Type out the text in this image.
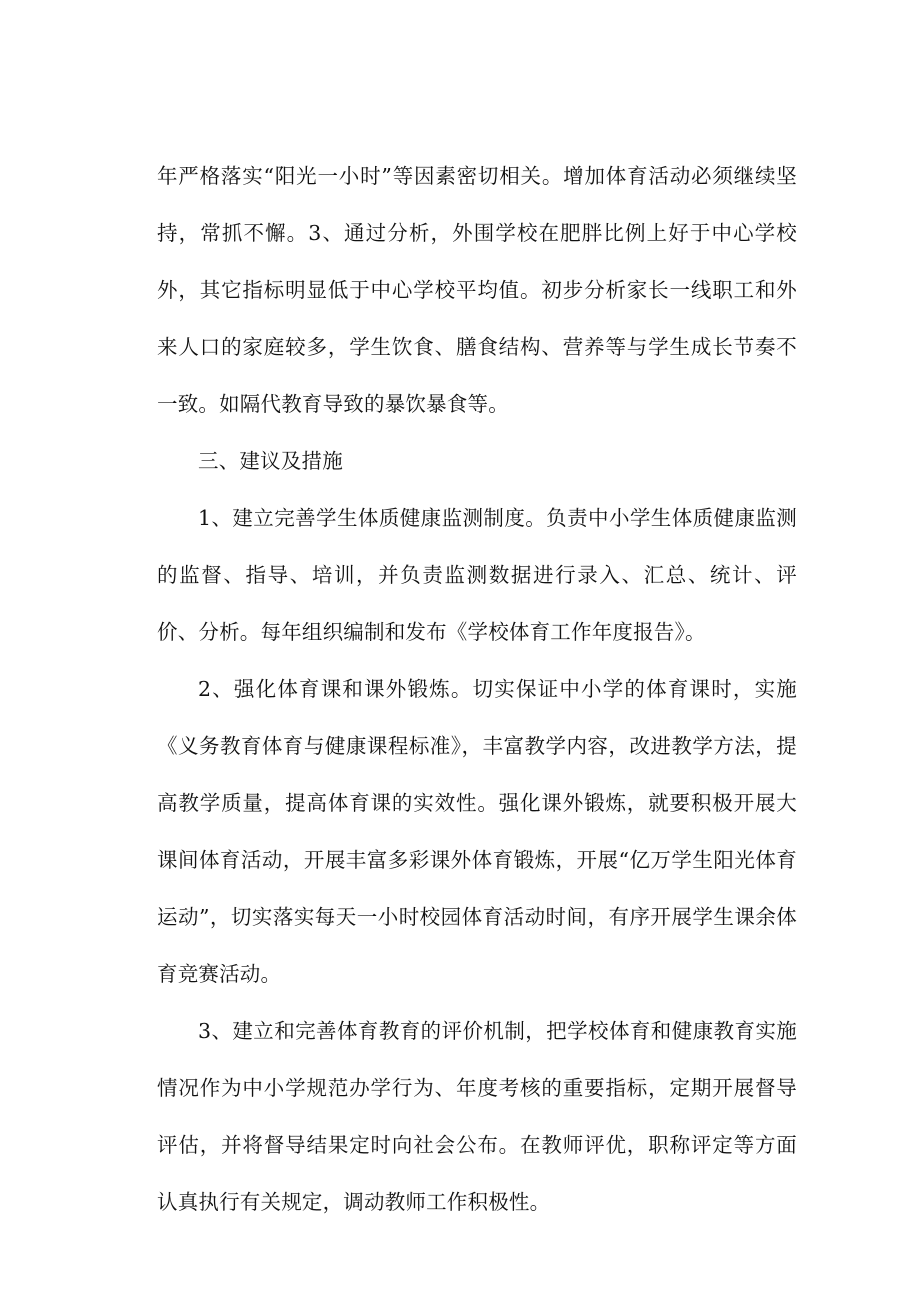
年严格落实“阳光一小时”等因素密切相关。增加体育活动必须继续坚持，常抓不懈。3、通过分析，外围学校在肥胖比例上好于中心学校外，其它指标明显低于中心学校平均值。初步分析家长一线职工和外来人口的家庭较多，学生饮食、膳食结构、营养等与学生成长节奏不一致。如隔代教育导致的暴饮暴食等。

三、建议及措施

1、建立完善学生体质健康监测制度。负责中小学生体质健康监测的监督、指导、培训，并负责监测数据进行录入、汇总、统计、评价、分析。每年组织编制和发布《学校体育工作年度报告》。

2、强化体育课和课外锻炼。切实保证中小学的体育课时，实施《义务教育体育与健康课程标准》，丰富教学内容，改进教学方法，提高教学质量，提高体育课的实效性。强化课外锻炼，就要积极开展大课间体育活动，开展丰富多彩课外体育锻炼，开展“亿万学生阳光体育运动”，切实落实每天一小时校园体育活动时间，有序开展学生课余体育竞赛活动。

3、建立和完善体育教育的评价机制，把学校体育和健康教育实施情况作为中小学规范办学行为、年度考核的重要指标，定期开展督导评估，并将督导结果定时向社会公布。在教师评优，职称评定等方面认真执行有关规定，调动教师工作积极性。
